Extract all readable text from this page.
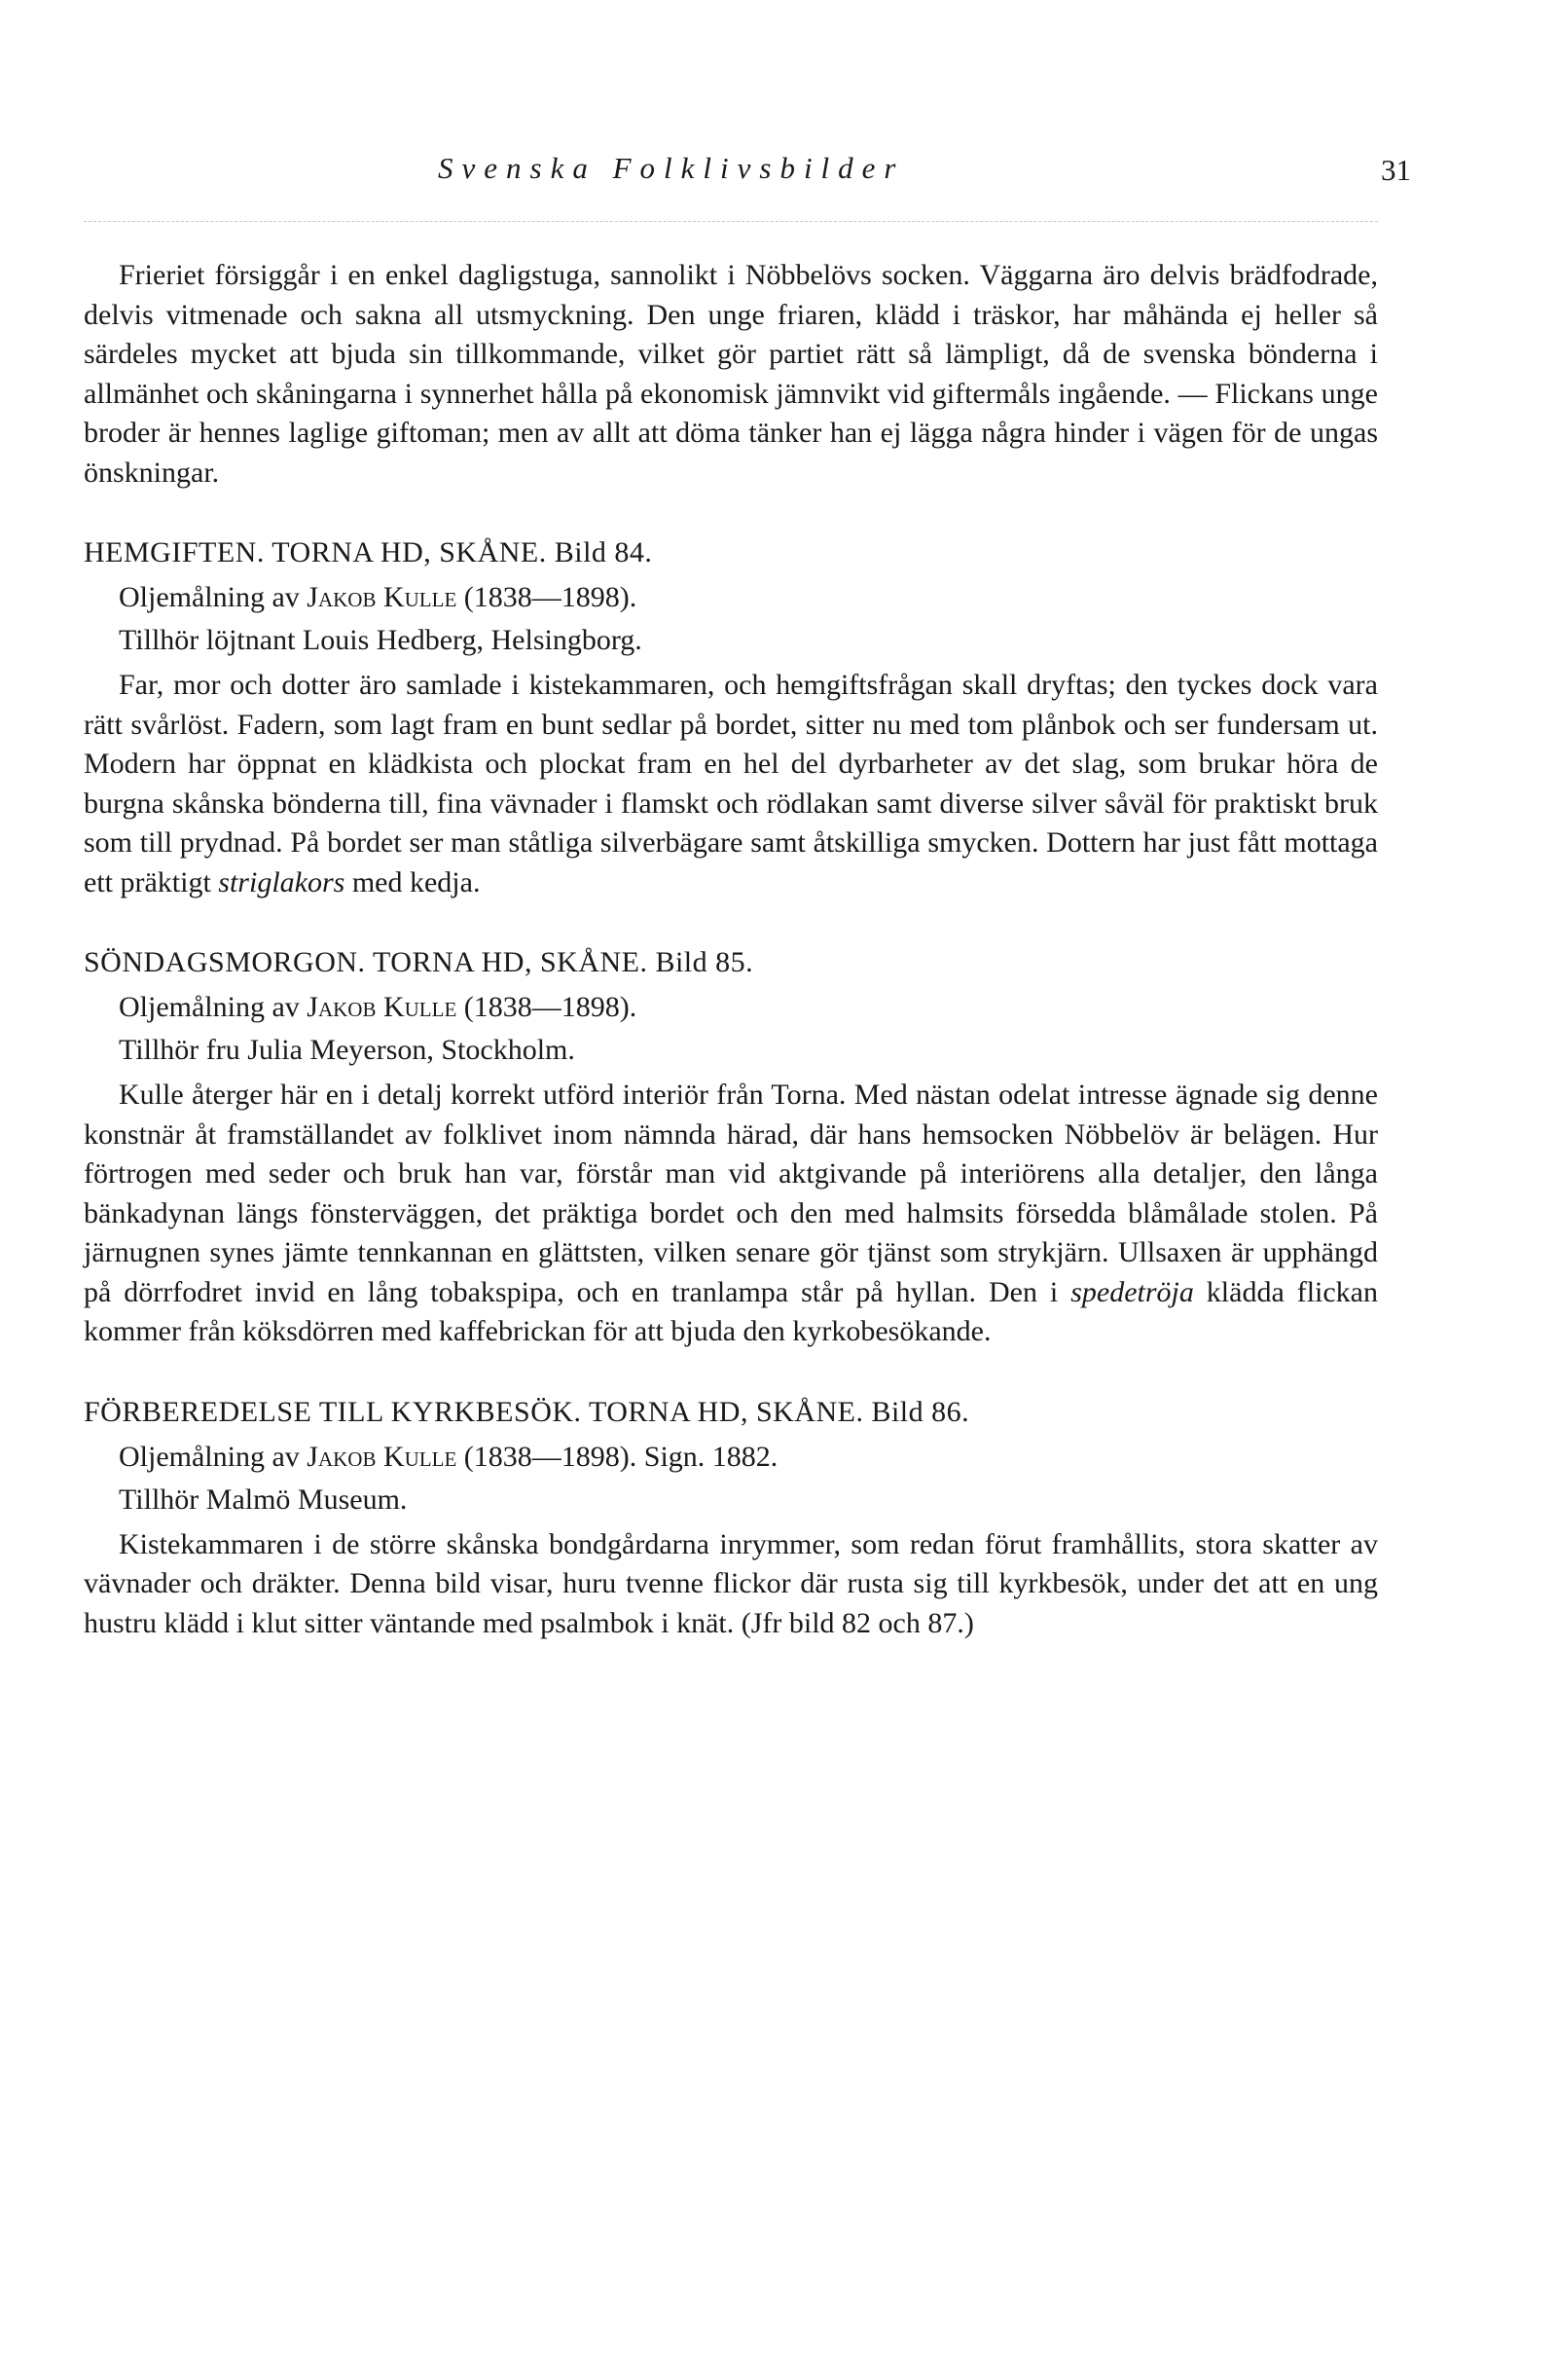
Svenska Folklivsbilder	31

Frieriet försiggår i en enkel dagligstuga, sannolikt i Nöbbelövs socken. Väggarna äro delvis brädfodrade, delvis vitmenade och sakna all utsmyckning. Den unge friaren, klädd i träskor, har måhända ej heller så särdeles mycket att bjuda sin tillkommande, vilket gör partiet rätt så lämpligt, då de svenska bönderna i allmänhet och skåningarna i synnerhet hålla på ekonomisk jämnvikt vid giftermåls ingående. — Flickans unge broder är hennes laglige giftoman; men av allt att döma tänker han ej lägga några hinder i vägen för de ungas önskningar.

HEMGIFTEN. TORNA HD, SKÅNE. Bild 84.

Oljemålning av Jakob Kulle (1838—1898).

Tillhör löjtnant Louis Hedberg, Helsingborg.

Far, mor och dotter äro samlade i kistekammaren, och hemgiftsfrågan skall dryftas; den tyckes dock vara rätt svårlöst. Fadern, som lagt fram en bunt sedlar på bordet, sitter nu med tom plånbok och ser fundersam ut. Modern har öppnat en klädkista och plockat fram en hel del dyrbarheter av det slag, som brukar höra de burgna skånska bönderna till, fina vävnader i flamskt och rödlakan samt diverse silver såväl för praktiskt bruk som till prydnad. På bordet ser man ståtliga silverbägare samt åtskilliga smycken. Dottern har just fått mottaga ett präktigt striglakors med kedja.

SÖNDAGSMORGON. TORNA HD, SKÅNE. Bild 85.

Oljemålning av Jakob Kulle (1838—1898).

Tillhör fru Julia Meyerson, Stockholm.

Kulle återger här en i detalj korrekt utförd interiör från Torna. Med nästan odelat intresse ägnade sig denne konstnär åt framställandet av folklivet inom nämnda härad, där hans hemsocken Nöbbelöv är belägen. Hur förtrogen med seder och bruk han var, förstår man vid aktgivande på interiörens alla detaljer, den långa bänkadynan längs fönsterväggen, det präktiga bordet och den med halmsits försedda blåmålade stolen. På järnugnen synes jämte tennkannan en glättsten, vilken senare gör tjänst som strykjärn. Ullsaxen är upphängd på dörrfodret invid en lång tobakspipa, och en tranlampa står på hyllan. Den i spedetröja klädda flickan kommer från köksdörren med kaffebrickan för att bjuda den kyrkobesökande.

FÖRBEREDELSE TILL KYRKBESÖK. TORNA HD, SKÅNE. Bild 86.

Oljemålning av Jakob Kulle (1838—1898). Sign. 1882.

Tillhör Malmö Museum.

Kistekammaren i de större skånska bondgårdarna inrymmer, som redan förut framhållits, stora skatter av vävnader och dräkter. Denna bild visar, huru tvenne flickor där rusta sig till kyrkbesök, under det att en ung hustru klädd i klut sitter väntande med psalmbok i knät. (Jfr bild 82 och 87.)
